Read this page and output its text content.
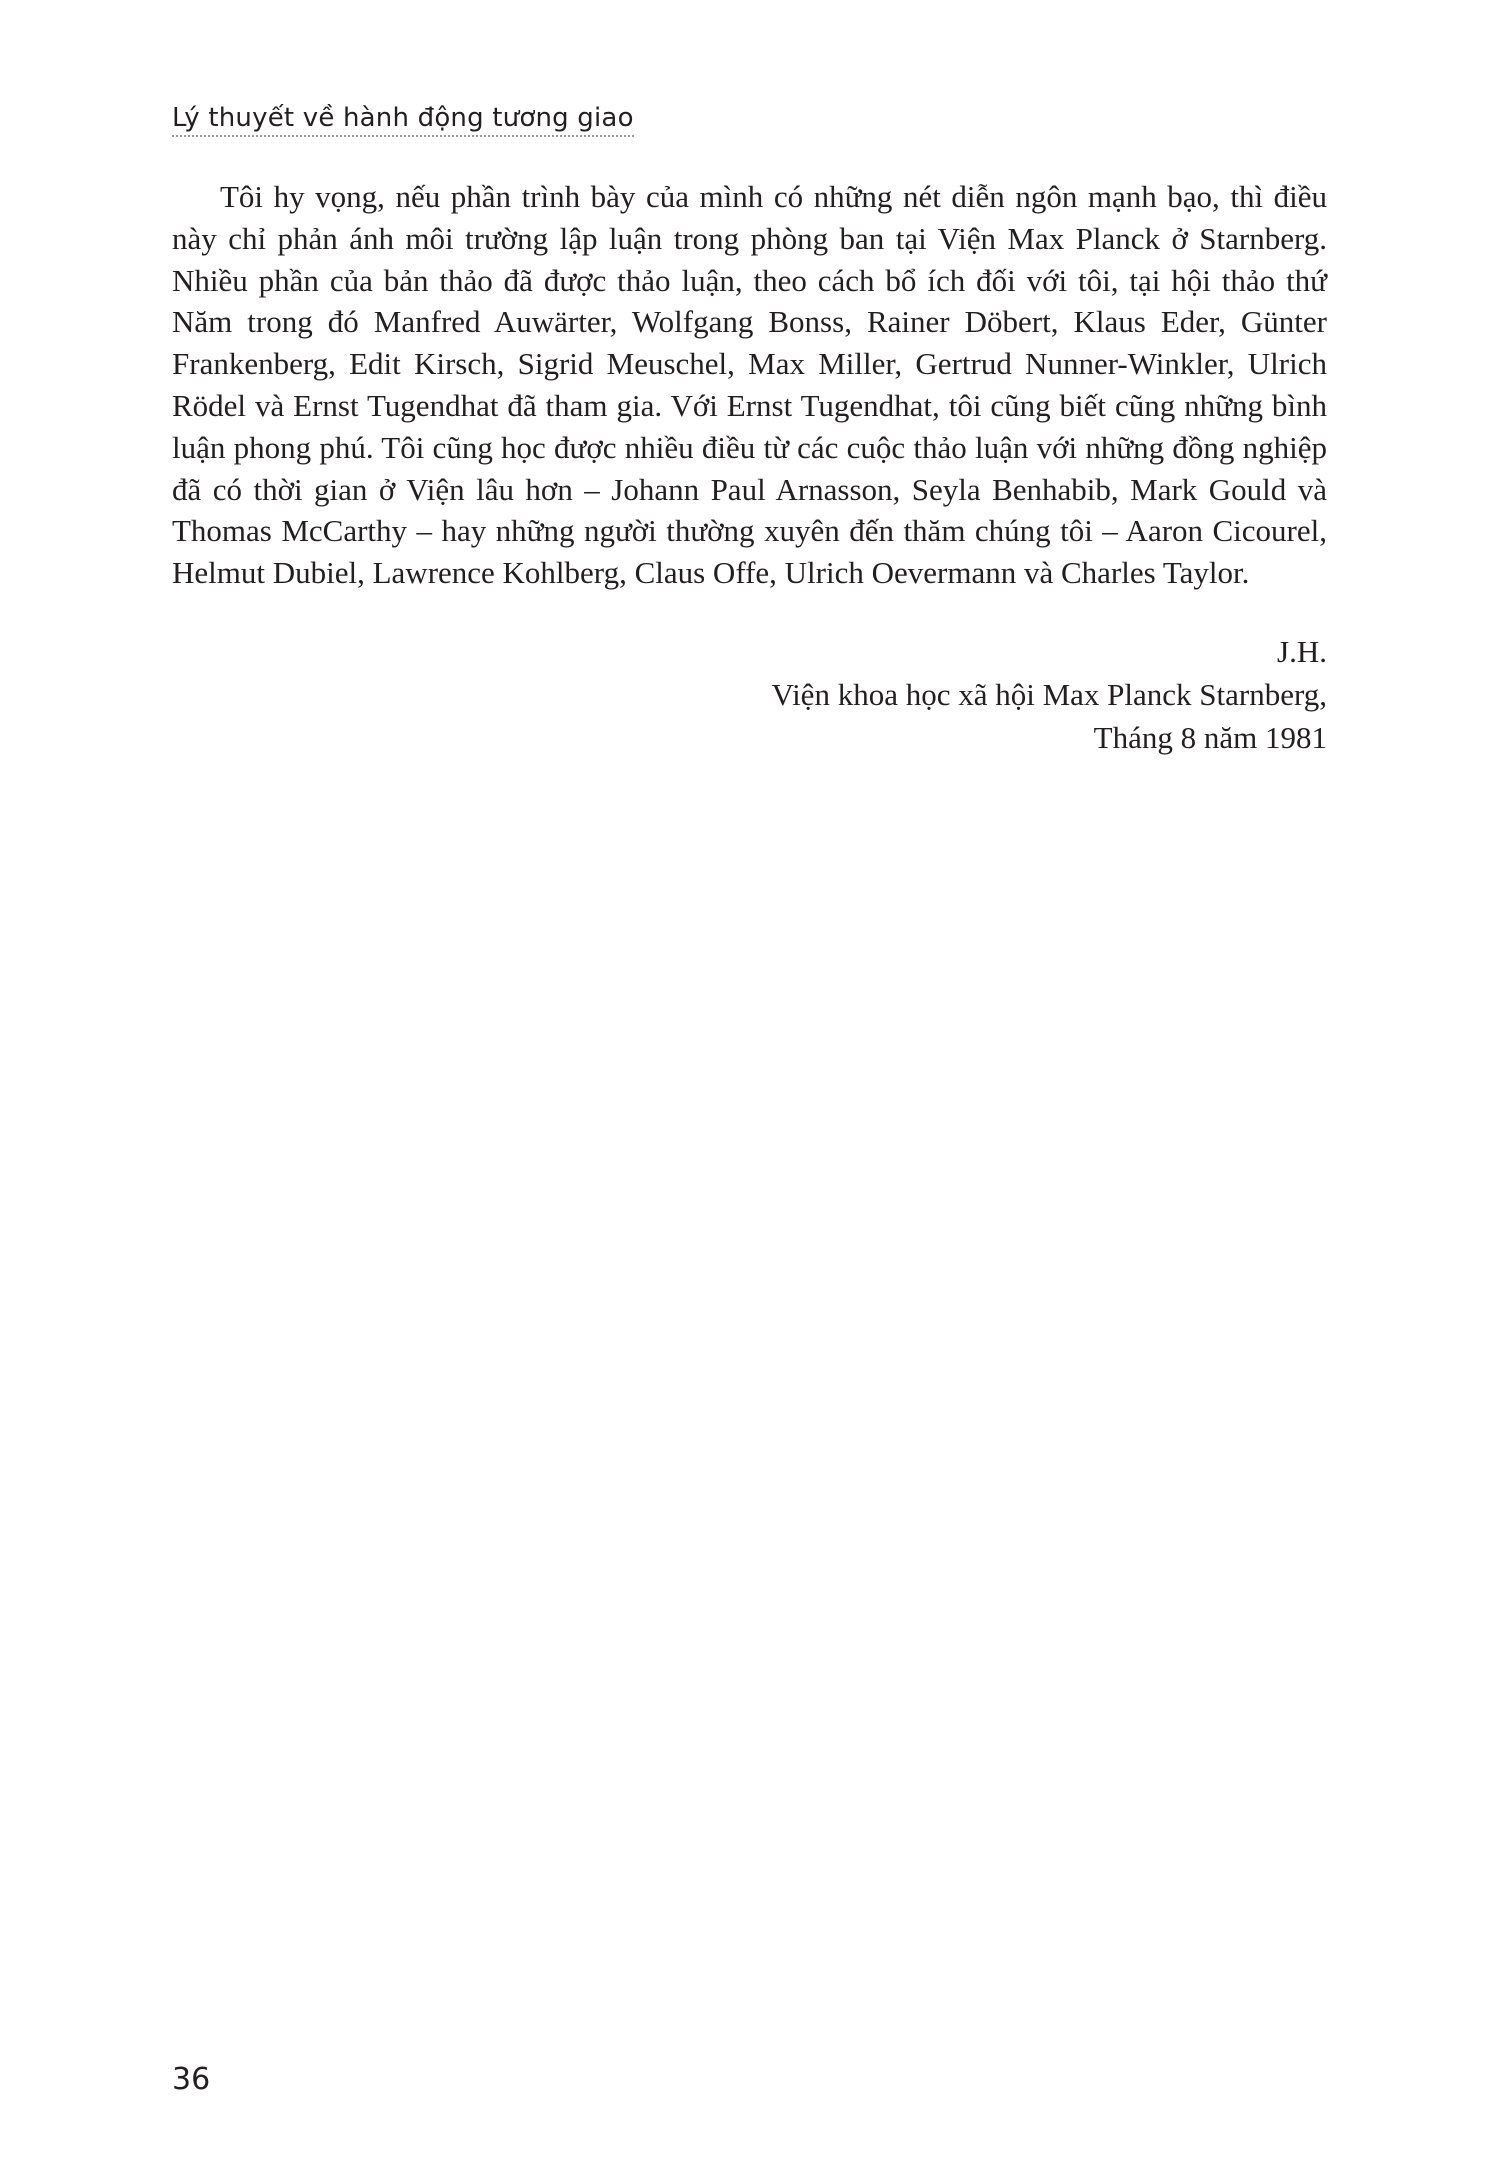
Lý thuyết về hành động tương giao

Tôi hy vọng, nếu phần trình bày của mình có những nét diễn ngôn mạnh bạo, thì điều này chỉ phản ánh môi trường lập luận trong phòng ban tại Viện Max Planck ở Starnberg. Nhiều phần của bản thảo đã được thảo luận, theo cách bổ ích đối với tôi, tại hội thảo thứ Năm trong đó Manfred Auwärter, Wolfgang Bonss, Rainer Döbert, Klaus Eder, Günter Frankenberg, Edit Kirsch, Sigrid Meuschel, Max Miller, Gertrud Nunner-Winkler, Ulrich Rödel và Ernst Tugendhat đã tham gia. Với Ernst Tugendhat, tôi cũng biết cũng những bình luận phong phú. Tôi cũng học được nhiều điều từ các cuộc thảo luận với những đồng nghiệp đã có thời gian ở Viện lâu hơn – Johann Paul Arnasson, Seyla Benhabib, Mark Gould và Thomas McCarthy – hay những người thường xuyên đến thăm chúng tôi – Aaron Cicourel, Helmut Dubiel, Lawrence Kohlberg, Claus Offe, Ulrich Oevermann và Charles Taylor.

J.H.
Viện khoa học xã hội Max Planck Starnberg,
Tháng 8 năm 1981
36
